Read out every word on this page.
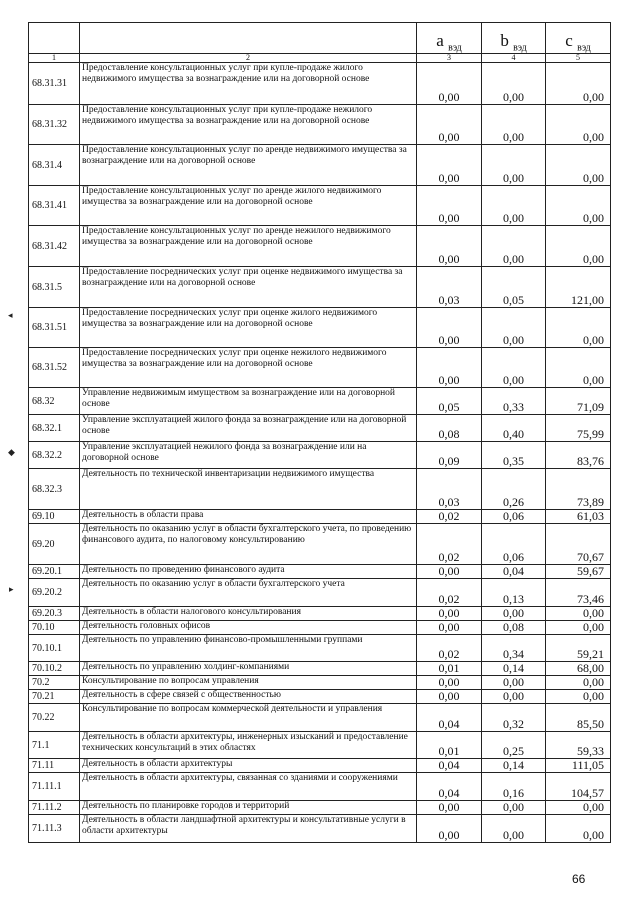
		a $_{вэд}$	b $_{вэд}$	c $_{вэд}$
1	2	3	4	5
68.31.31	Предоставление консультационных услуг при купле-продаже жилого недвижимого имущества за вознаграждение или на договорной основе	0,00	0,00	0,00
68.31.32	Предоставление консультационных услуг при купле-продаже нежилого недвижимого имущества за вознаграждение или на договорной основе	0,00	0,00	0,00
68.31.4	Предоставление консультационных услуг по аренде недвижимого имущества за вознаграждение или на договорной основе	0,00	0,00	0,00
68.31.41	Предоставление консультационных услуг по аренде жилого недвижимого имущества за вознаграждение или на договорной основе	0,00	0,00	0,00
68.31.42	Предоставление консультационных услуг по аренде нежилого недвижимого имущества за вознаграждение или на договорной основе	0,00	0,00	0,00
68.31.5	Предоставление посреднических услуг при оценке недвижимого имущества за вознаграждение или на договорной основе	0,03	0,05	121,00
68.31.51	Предоставление посреднических услуг при оценке жилого недвижимого имущества за вознаграждение или на договорной основе	0,00	0,00	0,00
68.31.52	Предоставление посреднических услуг при оценке нежилого недвижимого имущества за вознаграждение или на договорной основе	0,00	0,00	0,00
68.32	Управление недвижимым имуществом за вознаграждение или на договорной основе	0,05	0,33	71,09
68.32.1	Управление эксплуатацией жилого фонда за вознаграждение или на договорной основе	0,08	0,40	75,99
68.32.2	Управление эксплуатацией нежилого фонда за вознаграждение или на договорной основе	0,09	0,35	83,76
68.32.3	Деятельность по технической инвентаризации недвижимого имущества	0,03	0,26	73,89
69.10	Деятельность в области права	0,02	0,06	61,03
69.20	Деятельность по оказанию услуг в области бухгалтерского учета, по проведению финансового аудита, по налоговому консультированию	0,02	0,06	70,67
69.20.1	Деятельность по проведению финансового аудита	0,00	0,04	59,67
69.20.2	Деятельность по оказанию услуг в области бухгалтерского учета	0,02	0,13	73,46
69.20.3	Деятельность в области налогового консультирования	0,00	0,00	0,00
70.10	Деятельность головных офисов	0,00	0,08	0,00
70.10.1	Деятельность по управлению финансово-промышленными группами	0,02	0,34	59,21
70.10.2	Деятельность по управлению холдинг-компаниями	0,01	0,14	68,00
70.2	Консультирование по вопросам управления	0,00	0,00	0,00
70.21	Деятельность в сфере связей с общественностью	0,00	0,00	0,00
70.22	Консультирование по вопросам коммерческой деятельности и управления	0,04	0,32	85,50
71.1	Деятельность в области архитектуры, инженерных изысканий и предоставление технических консультаций в этих областях	0,01	0,25	59,33
71.11	Деятельность в области архитектуры	0,04	0,14	111,05
71.11.1	Деятельность в области архитектуры, связанная со зданиями и сооружениями	0,04	0,16	104,57
71.11.2	Деятельность по планировке городов и территорий	0,00	0,00	0,00
71.11.3	Деятельность в области ландшафтной архитектуры и консультативные услуги в области архитектуры	0,00	0,00	0,00
◂
◆
▸
66
